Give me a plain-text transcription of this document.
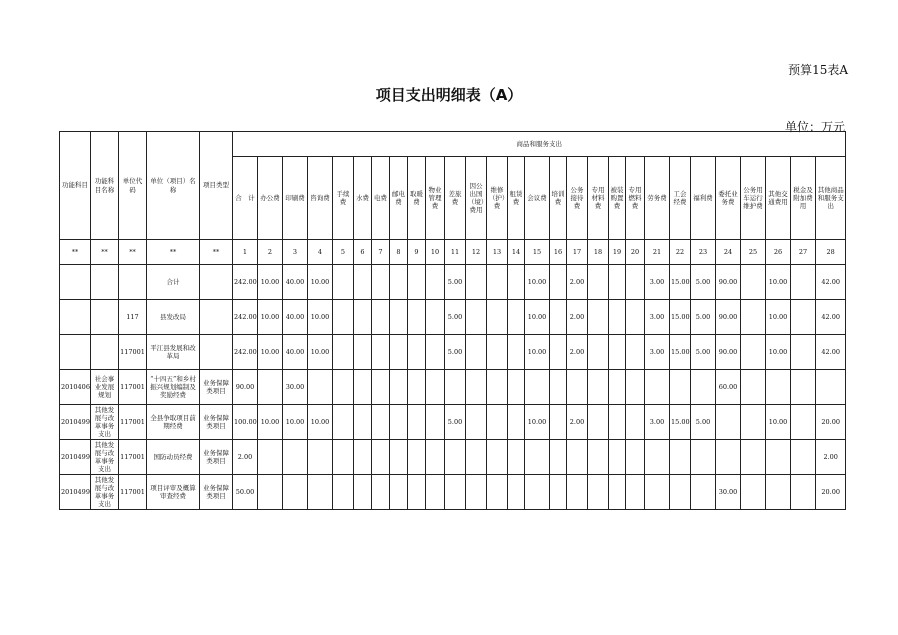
预算15表A
项目支出明细表（A）
单位：万元
功能科目	功能科目名称	单位代码	单位（项目）名称	项目类型	商品和服务支出																											
					合　计	办公费	印刷费	咨询费	手续费	水费	电费	邮电费	取暖费	物业管理费	差旅费	因公出国（境）费用	维修（护）费	租赁费	会议费	培训费	公务接待费	专用材料费	被装购置费	专用燃料费	劳务费	工会经费	福利费	委托业务费	公务用车运行维护费	其他交通费用	税金及附加费用	其他商品和服务支出
**	**	**	**	**	1	2	3	4	5	6	7	8	9	10	11	12	13	14	15	16	17	18	19	20	21	22	23	24	25	26	27	28
			合计		242.00	10.00	40.00	10.00							5.00				10.00		2.00				3.00	15.00	5.00	90.00		10.00		42.00
		117	县发改局		242.00	10.00	40.00	10.00							5.00				10.00		2.00				3.00	15.00	5.00	90.00		10.00		42.00
		117001	平江县发展和改革局		242.00	10.00	40.00	10.00							5.00				10.00		2.00				3.00	15.00	5.00	90.00		10.00		42.00
2010406	社会事业发展规划	117001	“十四五”和乡村振兴规划编制及奖励经费	业务保障类项目	90.00		30.00																					60.00				
2010499	其他发展与改革事务支出	117001	全县争取项目前期经费	业务保障类项目	100.00	10.00	10.00	10.00							5.00				10.00		2.00				3.00	15.00	5.00			10.00		20.00
2010499	其他发展与改革事务支出	117001	国防动员经费	业务保障类项目	2.00																											2.00
2010499	其他发展与改革事务支出	117001	项目评审及概算审查经费	业务保障类项目	50.00																							30.00				20.00
